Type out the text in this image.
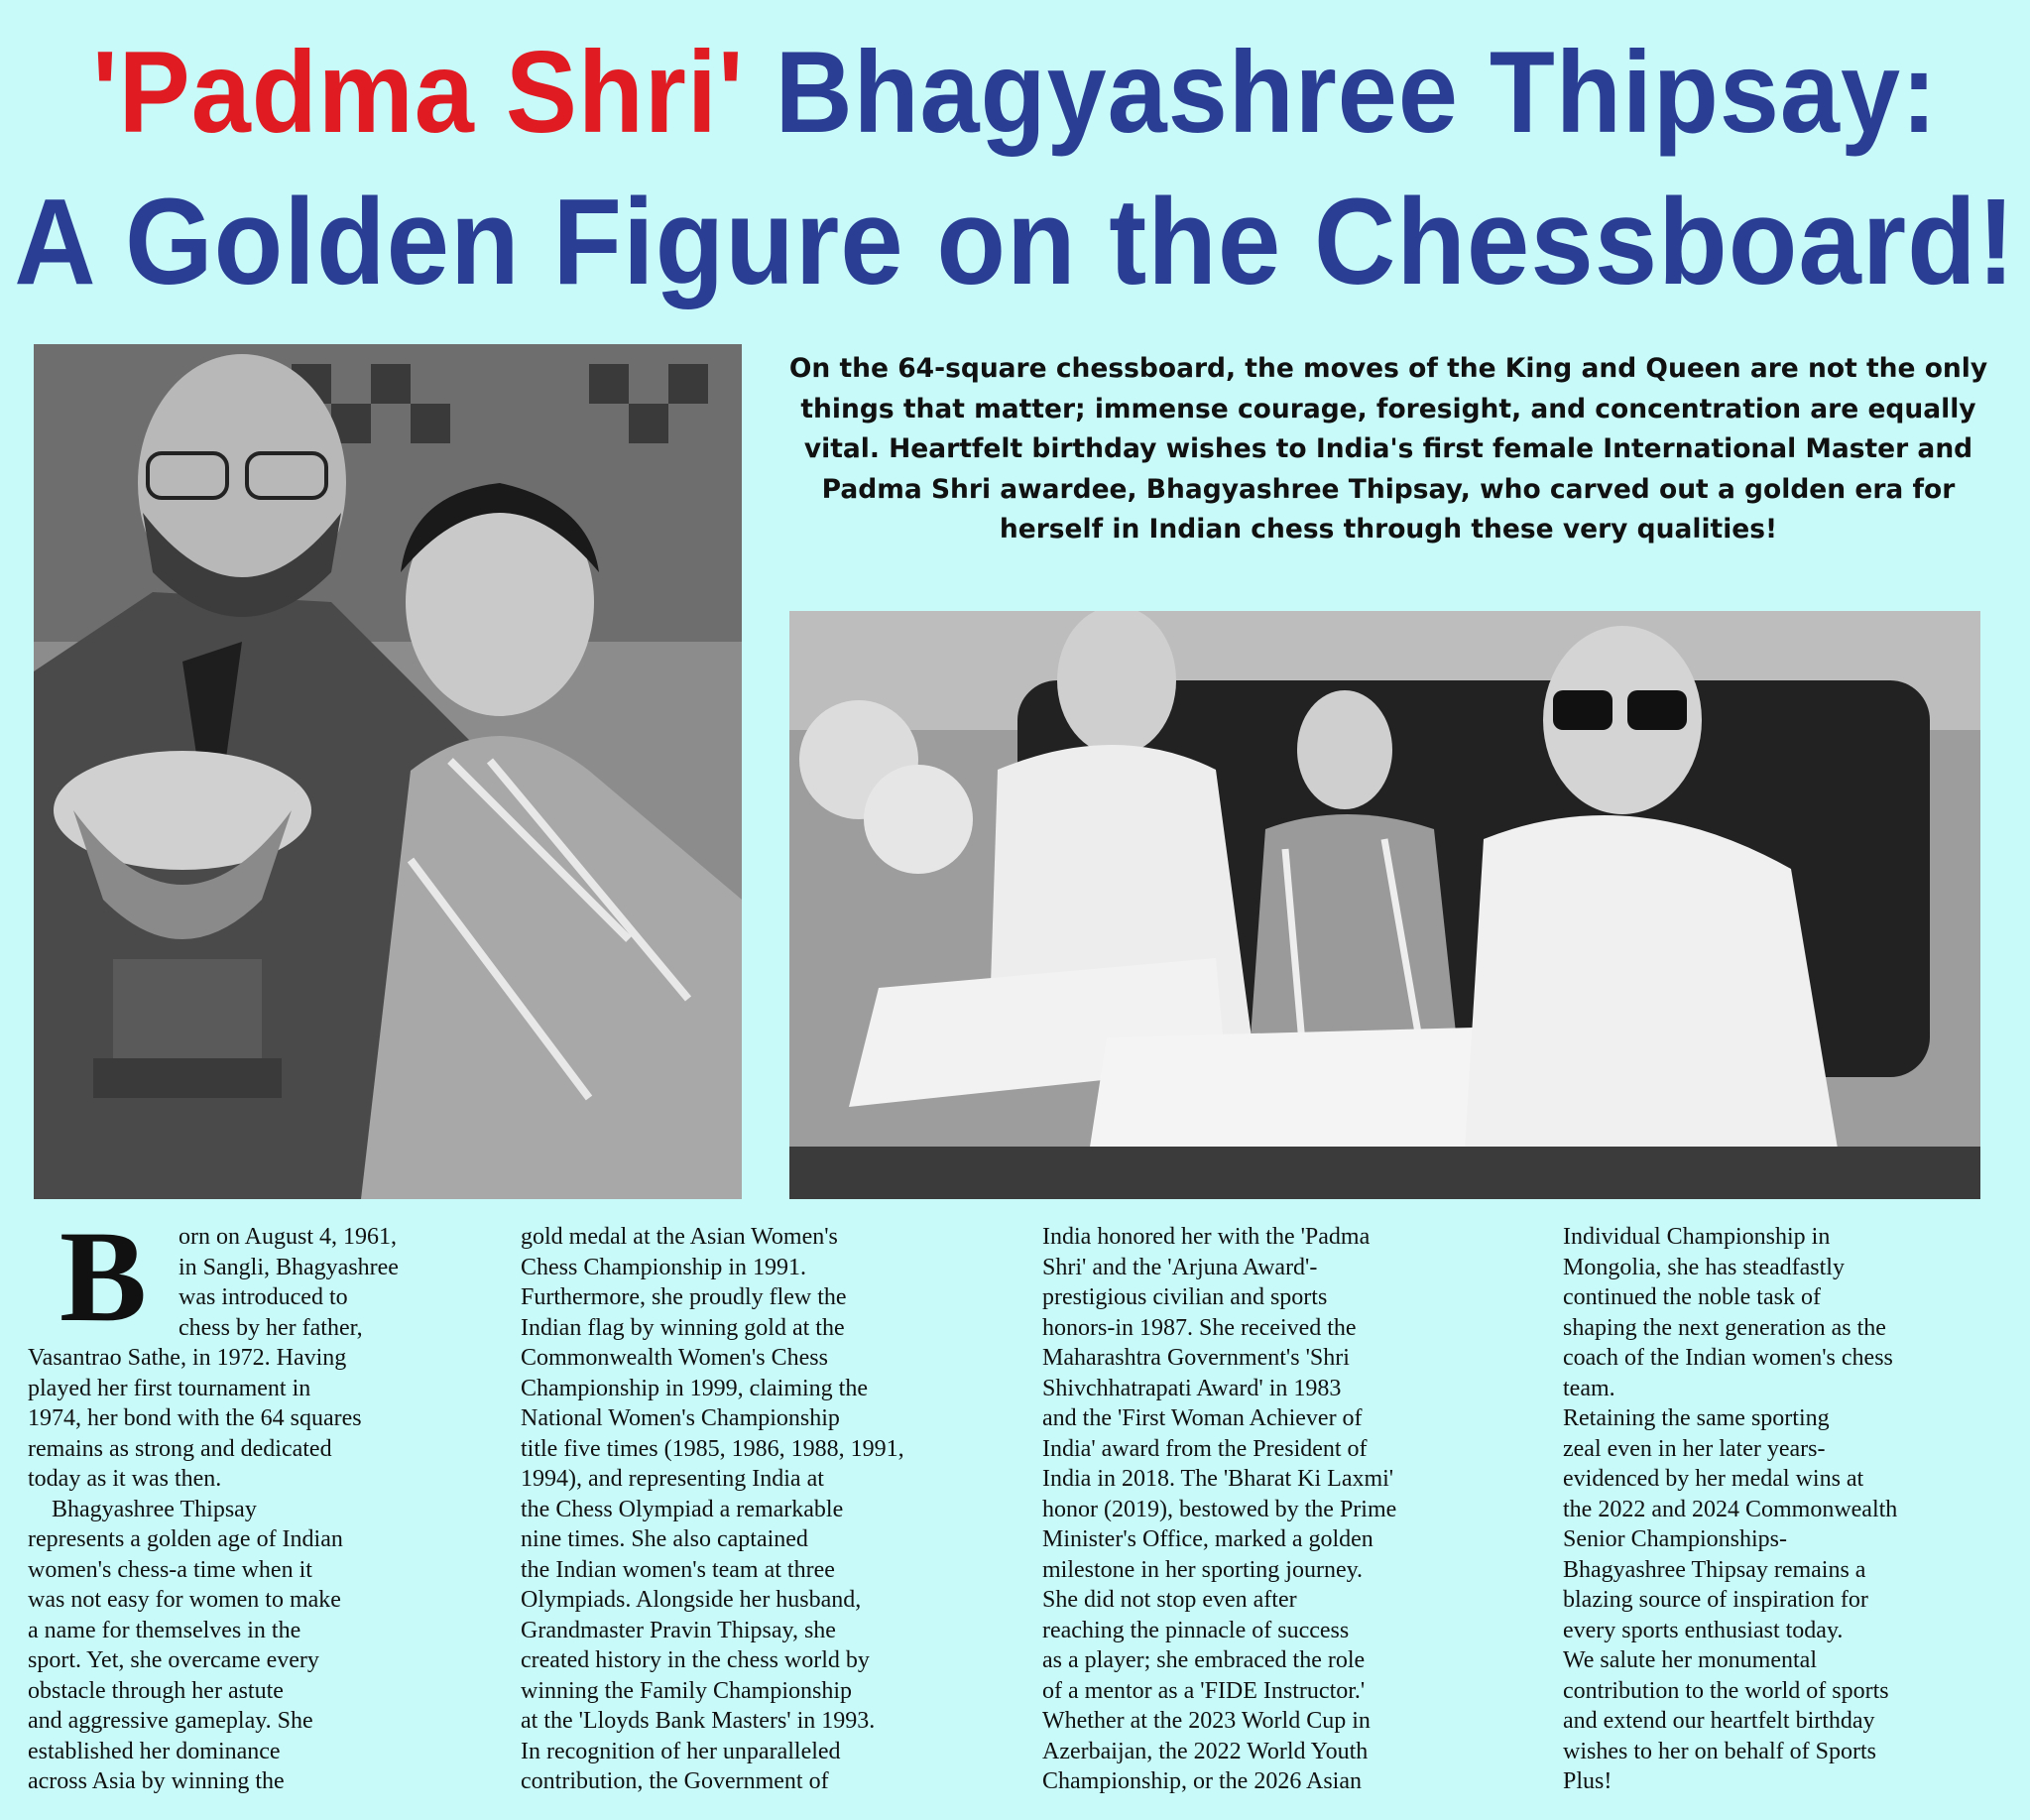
'Padma Shri' Bhagyashree Thipsay:
A Golden Figure on the Chessboard!
On the 64-square chessboard, the moves of the King and Queen are not the only things that matter; immense courage, foresight, and concentration are equally vital. Heartfelt birthday wishes to India's first female International Master and Padma Shri awardee, Bhagyashree Thipsay, who carved out a golden era for herself in Indian chess through these very qualities!
B	orn on August 4, 1961,
in Sangli, Bhagyashree
was introduced to
chess by her father,
Vasantrao Sathe, in 1972. Having
played her first tournament in
1974, her bond with the 64 squares
remains as strong and dedicated
today as it was then.
Bhagyashree Thipsay
represents a golden age of Indian
women's chess-a time when it
was not easy for women to make
a name for themselves in the
sport. Yet, she overcame every
obstacle through her astute
and aggressive gameplay. She
established her dominance
across Asia by winning the
gold medal at the Asian Women's
Chess Championship in 1991.
Furthermore, she proudly flew the
Indian flag by winning gold at the
Commonwealth Women's Chess
Championship in 1999, claiming the
National Women's Championship
title five times (1985, 1986, 1988, 1991,
1994), and representing India at
the Chess Olympiad a remarkable
nine times. She also captained
the Indian women's team at three
Olympiads. Alongside her husband,
Grandmaster Pravin Thipsay, she
created history in the chess world by
winning the Family Championship
at the 'Lloyds Bank Masters' in 1993.
In recognition of her unparalleled
contribution, the Government of
India honored her with the 'Padma
Shri' and the 'Arjuna Award'-
prestigious civilian and sports
honors-in 1987. She received the
Maharashtra Government's 'Shri
Shivchhatrapati Award' in 1983
and the 'First Woman Achiever of
India' award from the President of
India in 2018. The 'Bharat Ki Laxmi'
honor (2019), bestowed by the Prime
Minister's Office, marked a golden
milestone in her sporting journey.
She did not stop even after
reaching the pinnacle of success
as a player; she embraced the role
of a mentor as a 'FIDE Instructor.'
Whether at the 2023 World Cup in
Azerbaijan, the 2022 World Youth
Championship, or the 2026 Asian
Individual Championship in
Mongolia, she has steadfastly
continued the noble task of
shaping the next generation as the
coach of the Indian women's chess
team.
Retaining the same sporting
zeal even in her later years-
evidenced by her medal wins at
the 2022 and 2024 Commonwealth
Senior Championships-
Bhagyashree Thipsay remains a
blazing source of inspiration for
every sports enthusiast today.
We salute her monumental
contribution to the world of sports
and extend our heartfelt birthday
wishes to her on behalf of Sports
Plus!
